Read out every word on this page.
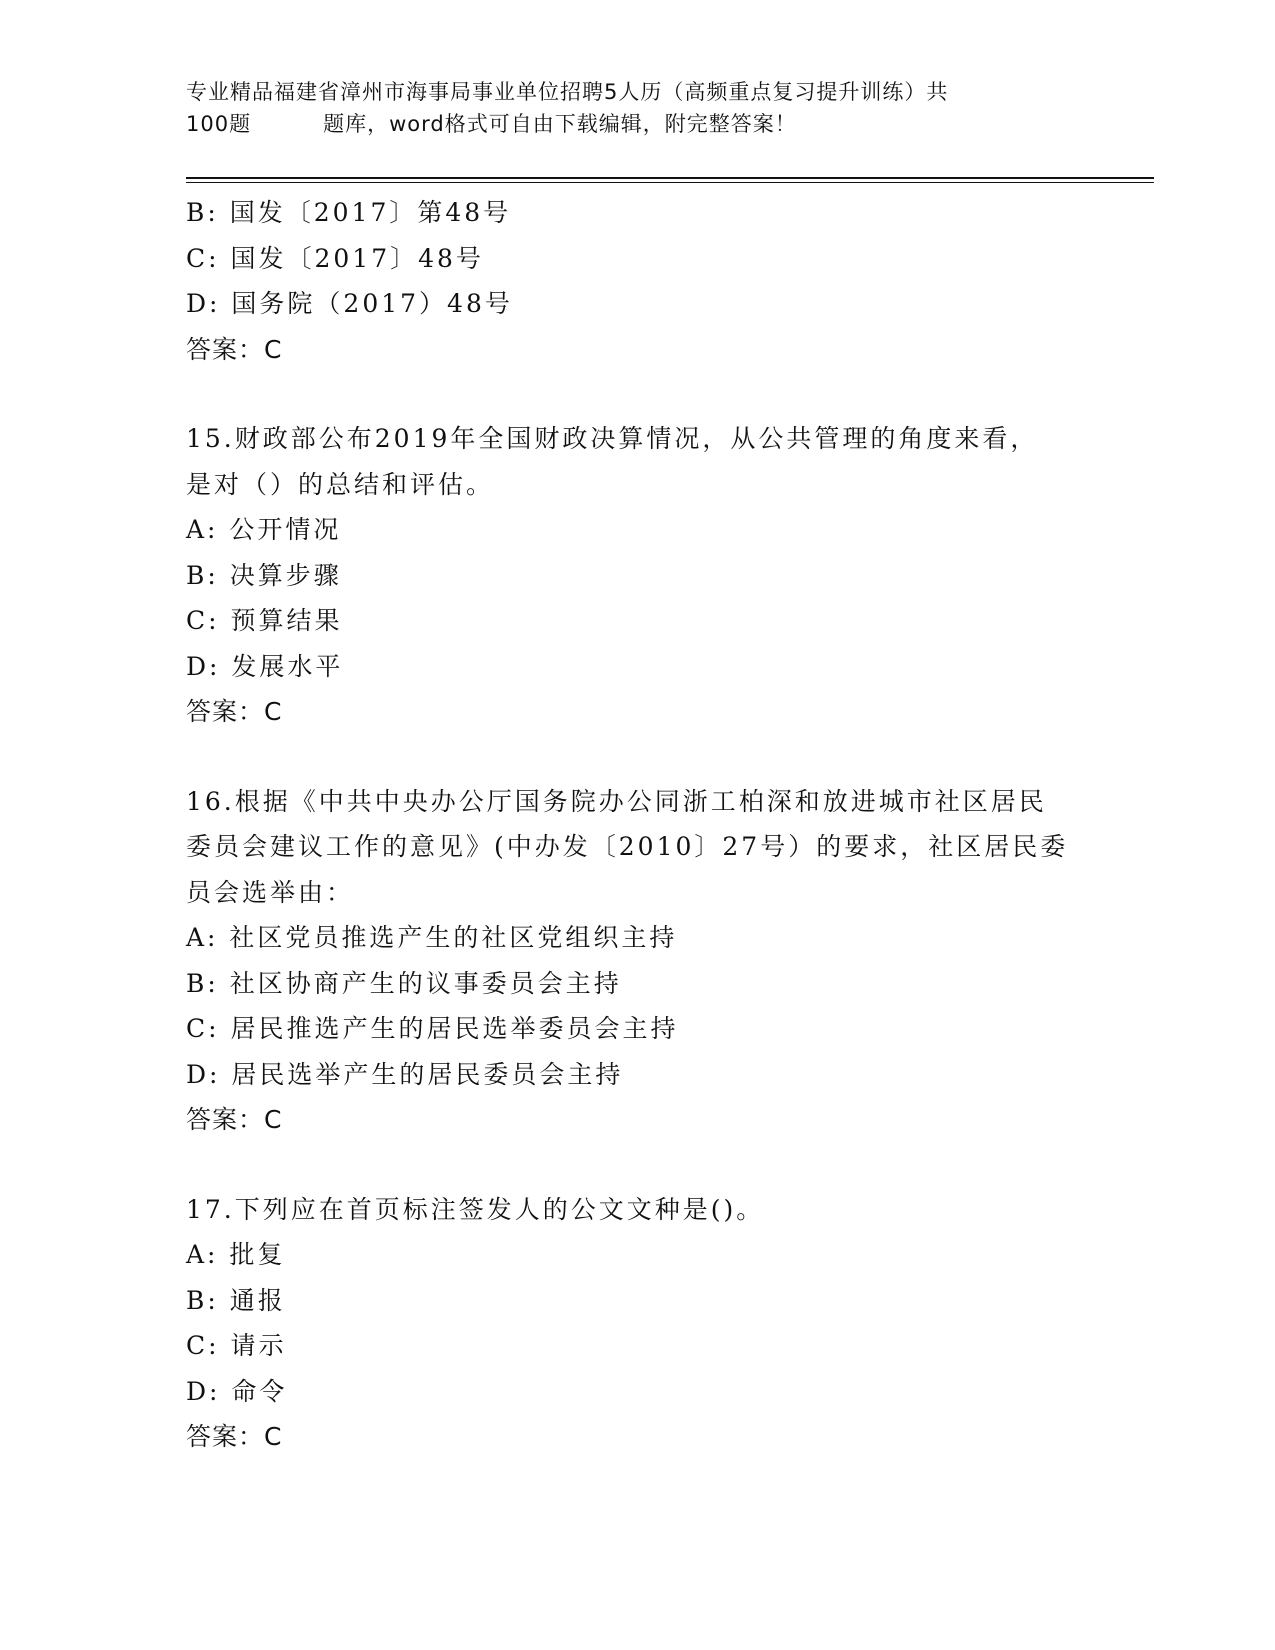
专业精品福建省漳州市海事局事业单位招聘5人历（高频重点复习提升训练）共
100题	题库，word格式可自由下载编辑，附完整答案！
B: 国发〔2017〕第48号
C: 国发〔2017〕48号
D: 国务院（2017）48号
答案：C
15.财政部公布2019年全国财政决算情况，从公共管理的角度来看，
是对（）的总结和评估。
A: 公开情况
B: 决算步骤
C: 预算结果
D: 发展水平
答案：C
16.根据《中共中央办公厅国务院办公同浙工柏深和放进城市社区居民
委员会建议工作的意见》(中办发〔2010〕27号）的要求，社区居民委
员会选举由：
A: 社区党员推选产生的社区党组织主持
B: 社区协商产生的议事委员会主持
C: 居民推选产生的居民选举委员会主持
D: 居民选举产生的居民委员会主持
答案：C
17.下列应在首页标注签发人的公文文种是()。
A: 批复
B: 通报
C: 请示
D: 命令
答案：C
